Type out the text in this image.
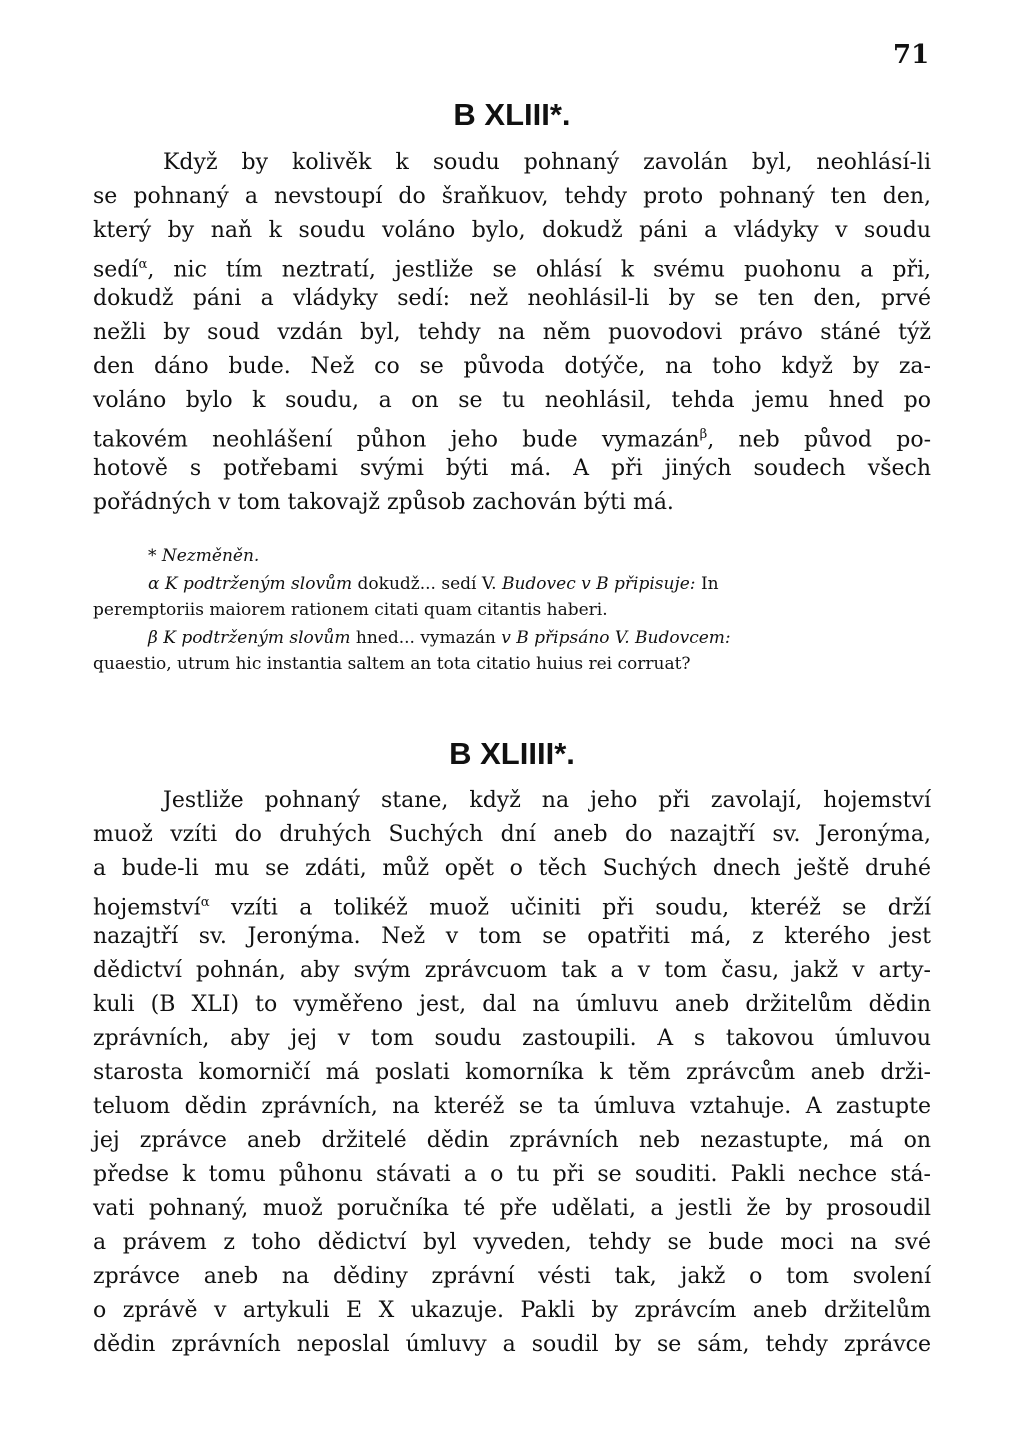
71
B XLIII*.
Když by kolivěk k soudu pohnaný zavolán byl, neohlásí-li
se pohnaný a nevstoupí do šraňkuov, tehdy proto pohnaný ten den,
který by naň k soudu voláno bylo, dokudž páni a vládyky v soudu
sedí$^\alpha$, nic tím neztratí, jestliže se ohlásí k svému puohonu a při,
dokudž páni a vládyky sedí: než neohlásil-li by se ten den, prvé
nežli by soud vzdán byl, tehdy na něm puovodovi právo stáné týž
den dáno bude. Než co se původa dotýče, na toho když by za-
voláno bylo k soudu, a on se tu neohlásil, tehda jemu hned po
takovém neohlášení půhon jeho bude vymazán$^\beta$, neb původ po-
hotově s potřebami svými býti má. A při jiných soudech všech
pořádných v tom takovajž způsob zachován býti má.
* Nezměněn.
α K podtrženým slovům dokudž... sedí V. Budovec v B připisuje: In
peremptoriis maiorem rationem citati quam citantis haberi.
β K podtrženým slovům hned... vymazán v B připsáno V. Budovcem:
quaestio, utrum hic instantia saltem an tota citatio huius rei corruat?
B XLIIII*.
Jestliže pohnaný stane, když na jeho při zavolají, hojemství
muož vzíti do druhých Suchých dní aneb do nazajtří sv. Jeronýma,
a bude-li mu se zdáti, můž opět o těch Suchých dnech ještě druhé
hojemství$^\alpha$ vzíti a tolikéž muož učiniti při soudu, kteréž se drží
nazajtří sv. Jeronýma. Než v tom se opatřiti má, z kterého jest
dědictví pohnán, aby svým zprávcuom tak a v tom času, jakž v arty-
kuli (B XLI) to vyměřeno jest, dal na úmluvu aneb držitelům dědin
zprávních, aby jej v tom soudu zastoupili. A s takovou úmluvou
starosta komorničí má poslati komorníka k těm zprávcům aneb drži-
teluom dědin zprávních, na kteréž se ta úmluva vztahuje. A zastupte
jej zprávce aneb držitelé dědin zprávních neb nezastupte, má on
předse k tomu půhonu stávati a o tu při se souditi. Pakli nechce stá-
vati pohnaný, muož poručníka té pře udělati, a jestli že by prosoudil
a právem z toho dědictví byl vyveden, tehdy se bude moci na své
zprávce aneb na dědiny zprávní vésti tak, jakž o tom svolení
o zprávě v artykuli E X ukazuje. Pakli by zprávcím aneb držitelům
dědin zprávních neposlal úmluvy a soudil by se sám, tehdy zprávce
